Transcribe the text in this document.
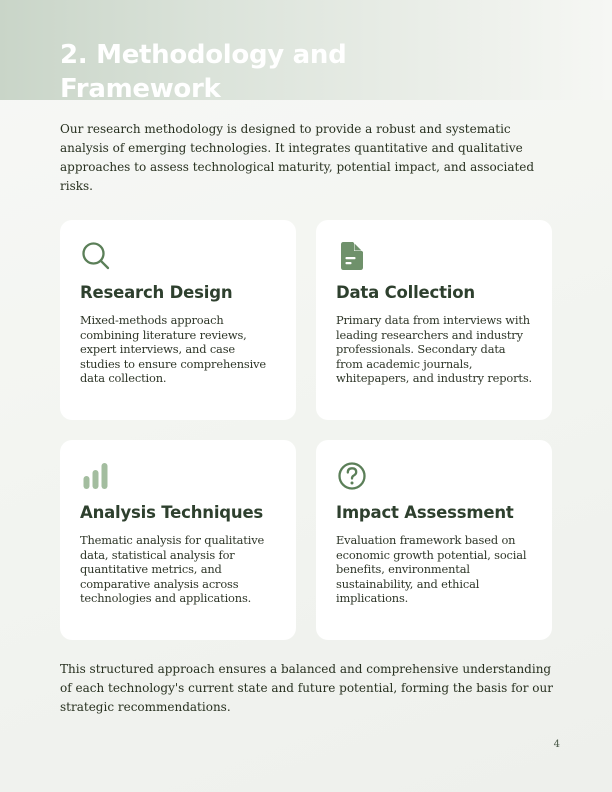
2. Methodology and Framework

Our research methodology is designed to provide a robust and systematic analysis of emerging technologies. It integrates quantitative and qualitative approaches to assess technological maturity, potential impact, and associated risks.

Research Design

Mixed-methods approach combining literature reviews, expert interviews, and case studies to ensure comprehensive data collection.

Data Collection

Primary data from interviews with leading researchers and industry professionals. Secondary data from academic journals, whitepapers, and industry reports.

Analysis Techniques

Thematic analysis for qualitative data, statistical analysis for quantitative metrics, and comparative analysis across technologies and applications.

Impact Assessment

Evaluation framework based on economic growth potential, social benefits, environmental sustainability, and ethical implications.

This structured approach ensures a balanced and comprehensive understanding of each technology's current state and future potential, forming the basis for our strategic recommendations.

4
